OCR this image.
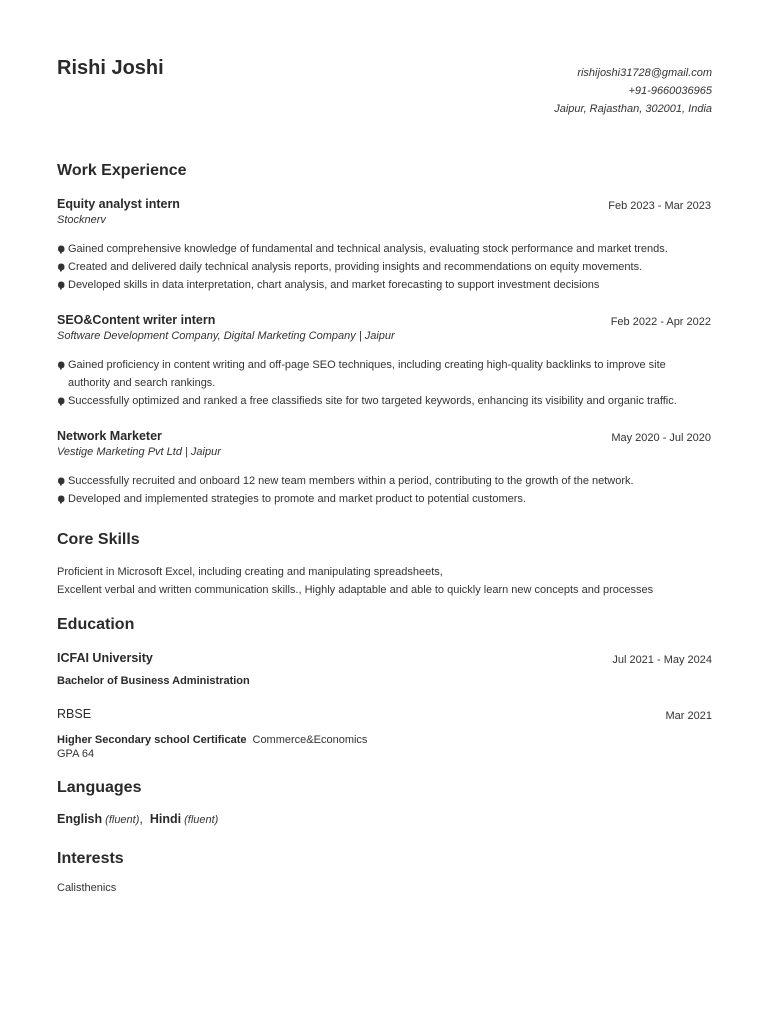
Rishi Joshi	rishijoshi31728@gmail.com
+91-9660036965
Jaipur, Rajasthan, 302001, India
Work Experience
Equity analyst intern	Feb 2023 - Mar 2023
Stocknerv
Gained comprehensive knowledge of fundamental and technical analysis, evaluating stock performance and market trends.
Created and delivered daily technical analysis reports, providing insights and recommendations on equity movements.
Developed skills in data interpretation, chart analysis, and market forecasting to support investment decisions
SEO&Content writer intern	Feb 2022 - Apr 2022
Software Development Company, Digital Marketing Company | Jaipur
Gained proficiency in content writing and off-page SEO techniques, including creating high-quality backlinks to improve site authority and search rankings.
Successfully optimized and ranked a free classifieds site for two targeted keywords, enhancing its visibility and organic traffic.
Network Marketer	May 2020 - Jul 2020
Vestige Marketing Pvt Ltd | Jaipur
Successfully recruited and onboard 12 new team members within a period, contributing to the growth of the network.
Developed and implemented strategies to promote and market product to potential customers.
Core Skills
Proficient in Microsoft Excel, including creating and manipulating spreadsheets,
Excellent verbal and written communication skills., Highly adaptable and able to quickly learn new concepts and processes
Education
ICFAI University	Jul 2021 - May 2024
Bachelor of Business Administration
RBSE	Mar 2021
Higher Secondary school Certificate Commerce&Economics
GPA 64
Languages
English (fluent), Hindi (fluent)
Interests
Calisthenics
